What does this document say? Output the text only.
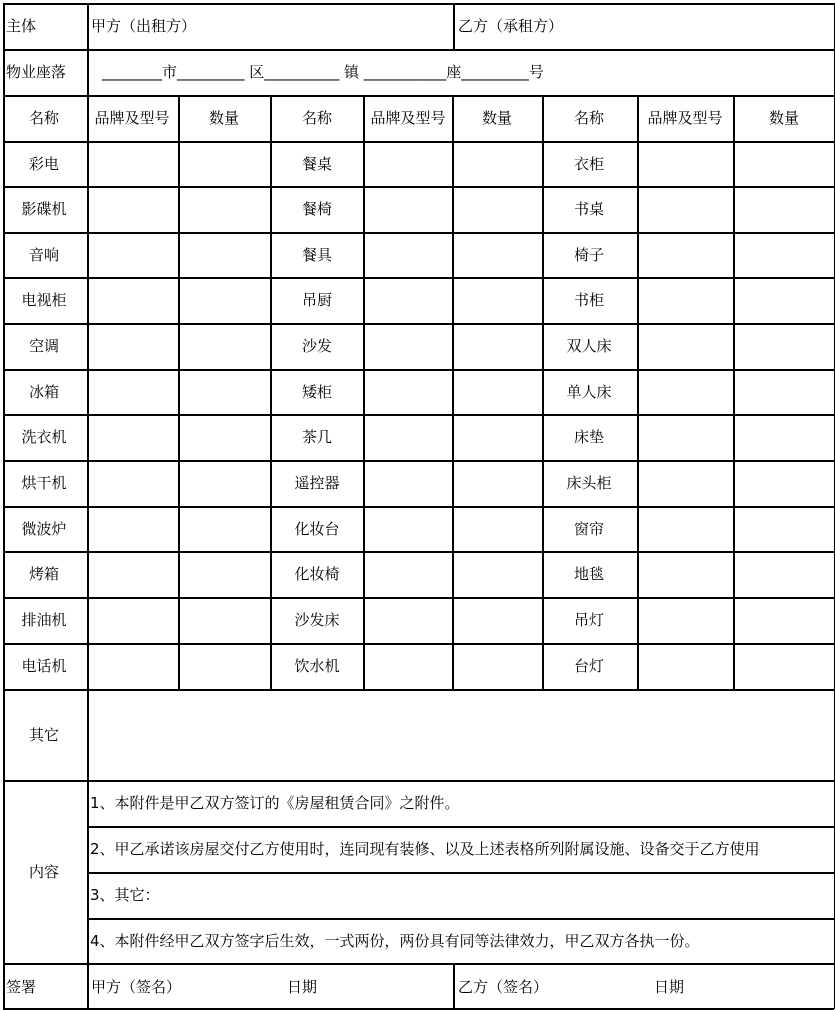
主体	甲方（出租方）	乙方（承租方）
物业座落 ________市_________ 区__________ 镇 ___________座_________号
名称 品牌及型号	数量	名称	品牌及型号 数量	名称	品牌及型号	数量
彩电	餐桌	衣柜
影碟机	餐椅	书桌
音响	餐具	椅子
电视柜	吊厨	书柜
空调	沙发	双人床
冰箱	矮柜	单人床
洗衣机	茶几	床垫
烘干机	遥控器	床头柜
微波炉	化妆台	窗帘
烤箱	化妆椅	地毯
排油机	沙发床	吊灯
电话机	饮水机	台灯
其它
内容
1、本附件是甲乙双方签订的《房屋租赁合同》之附件。
2、甲乙承诺该房屋交付乙方使用时，连同现有装修、以及上述表格所列附属设施、设备交于乙方使用
3、其它：
4、本附件经甲乙双方签字后生效，一式两份，两份具有同等法律效力，甲乙双方各执一份。
签署	甲方（签名）	日期	乙方（签名）	日期
